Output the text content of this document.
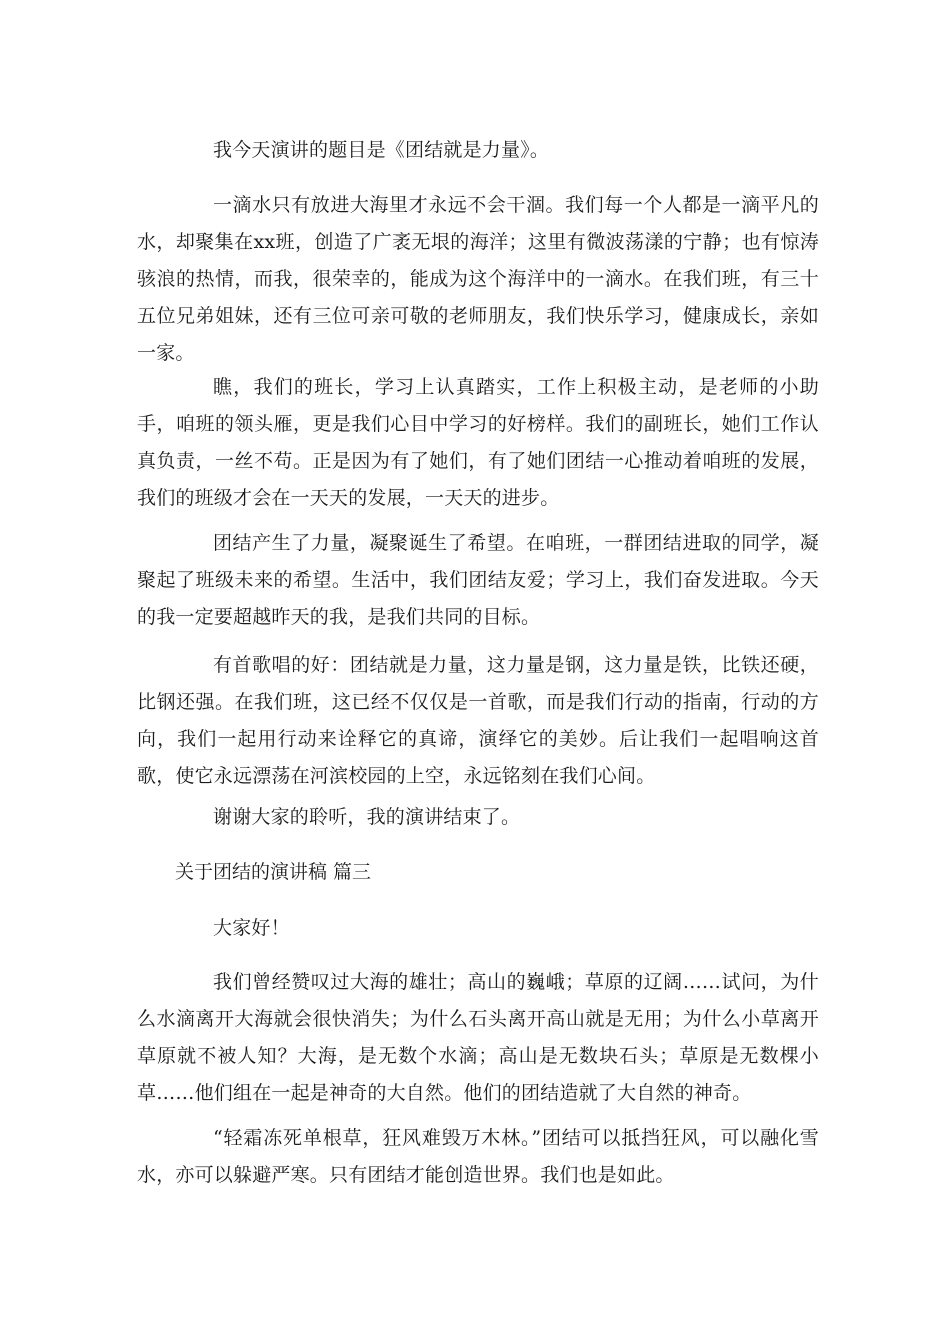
我今天演讲的题目是《团结就是力量》。

一滴水只有放进大海里才永远不会干涸。我们每一个人都是一滴平凡的水，却聚集在xx班，创造了广袤无垠的海洋；这里有微波荡漾的宁静；也有惊涛骇浪的热情，而我，很荣幸的，能成为这个海洋中的一滴水。在我们班，有三十五位兄弟姐妹，还有三位可亲可敬的老师朋友，我们快乐学习，健康成长，亲如一家。

瞧，我们的班长，学习上认真踏实，工作上积极主动，是老师的小助手，咱班的领头雁，更是我们心目中学习的好榜样。我们的副班长，她们工作认真负责，一丝不苟。正是因为有了她们，有了她们团结一心推动着咱班的发展，我们的班级才会在一天天的发展，一天天的进步。

团结产生了力量，凝聚诞生了希望。在咱班，一群团结进取的同学，凝聚起了班级未来的希望。生活中，我们团结友爱；学习上，我们奋发进取。今天的我一定要超越昨天的我，是我们共同的目标。

有首歌唱的好：团结就是力量，这力量是钢，这力量是铁，比铁还硬，比钢还强。在我们班，这已经不仅仅是一首歌，而是我们行动的指南，行动的方向，我们一起用行动来诠释它的真谛，演绎它的美妙。后让我们一起唱响这首歌，使它永远漂荡在河滨校园的上空，永远铭刻在我们心间。

谢谢大家的聆听，我的演讲结束了。

关于团结的演讲稿 篇三

大家好！

我们曾经赞叹过大海的雄壮；高山的巍峨；草原的辽阔……试问，为什么水滴离开大海就会很快消失；为什么石头离开高山就是无用；为什么小草离开草原就不被人知？大海，是无数个水滴；高山是无数块石头；草原是无数棵小草……他们组在一起是神奇的大自然。他们的团结造就了大自然的神奇。

“轻霜冻死单根草，狂风难毁万木林。”团结可以抵挡狂风，可以融化雪水，亦可以躲避严寒。只有团结才能创造世界。我们也是如此。
